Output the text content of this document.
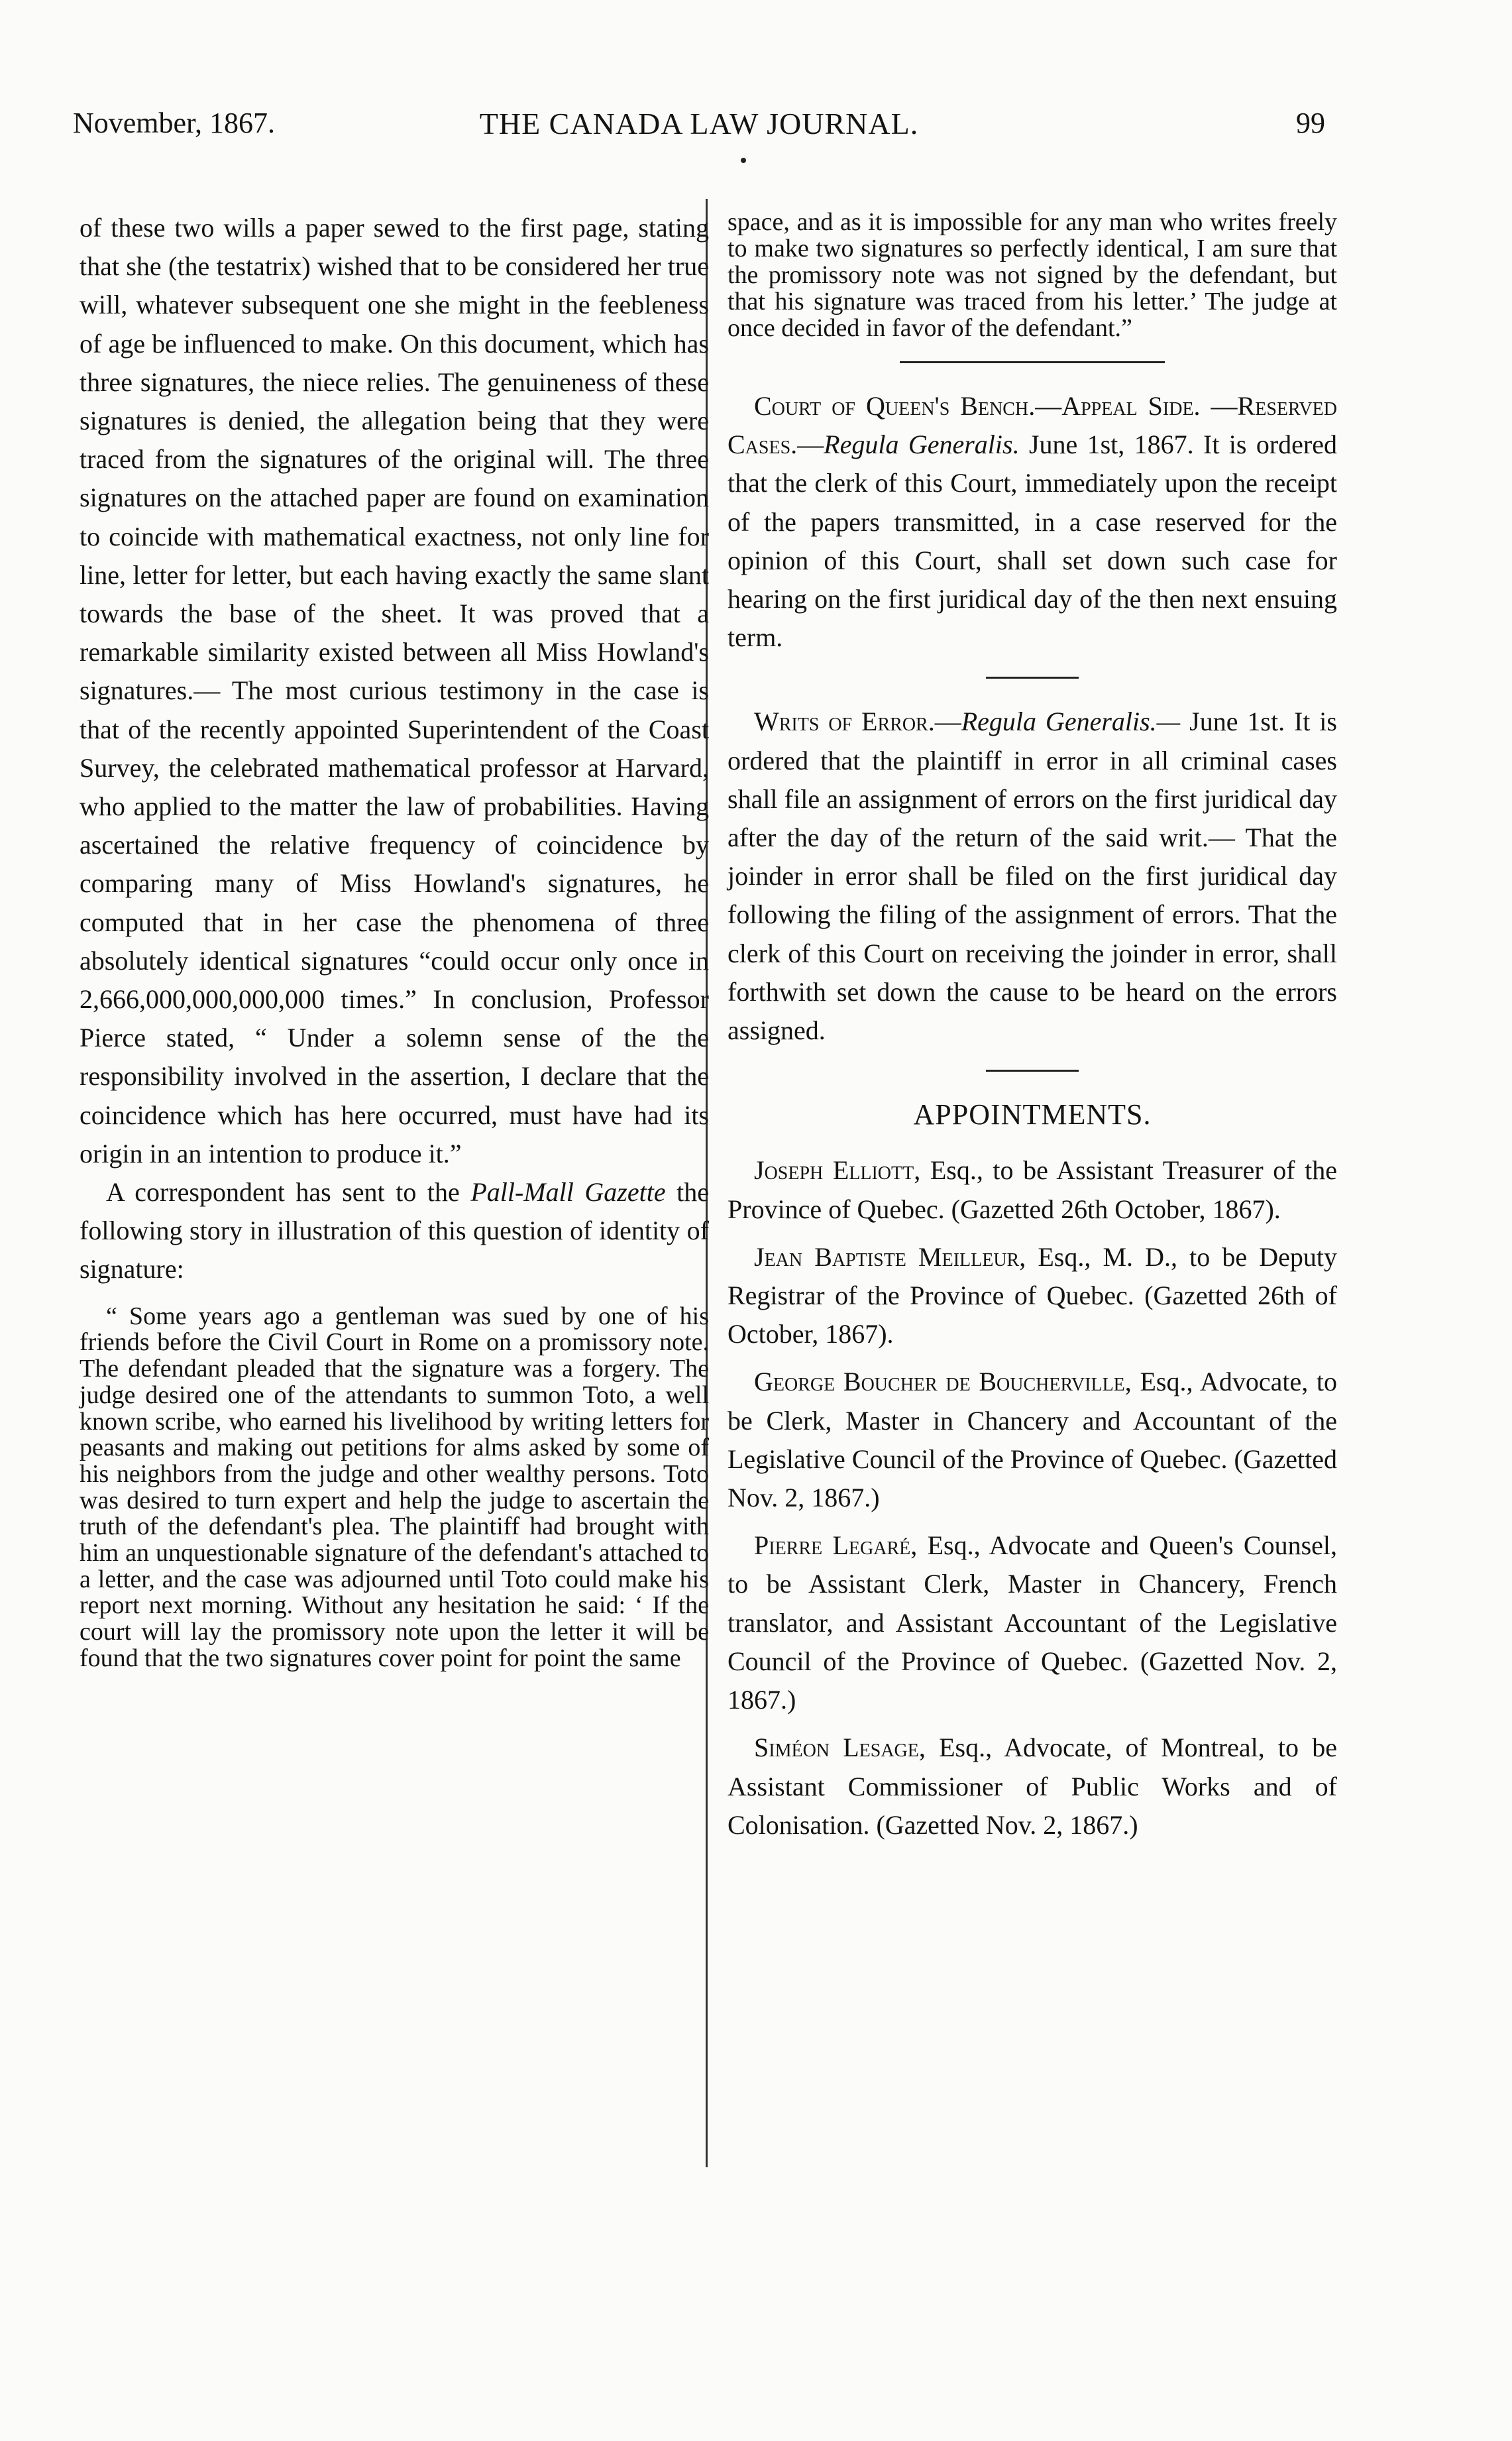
November, 1867.	THE CANADA LAW JOURNAL.	99

of these two wills a paper sewed to the first page, stating that she (the testatrix) wished that to be considered her true will, whatever subsequent one she might in the feebleness of age be influenced to make. On this document, which has three signatures, the niece relies. The genuineness of these signatures is denied, the allegation being that they were traced from the signatures of the original will. The three signatures on the attached paper are found on examination to coincide with mathematical exactness, not only line for line, letter for letter, but each having exactly the same slant towards the base of the sheet. It was proved that a remarkable similarity existed between all Miss Howland's signatures.— The most curious testimony in the case is that of the recently appointed Superintendent of the Coast Survey, the celebrated mathematical professor at Harvard, who applied to the matter the law of probabilities. Having ascertained the relative frequency of coincidence by comparing many of Miss Howland's signatures, he computed that in her case the phenomena of three absolutely identical signatures “could occur only once in 2,666,000,000,000,000 times.” In conclusion, Professor Pierce stated, “ Under a solemn sense of the the responsibility involved in the assertion, I declare that the coincidence which has here occurred, must have had its origin in an intention to produce it.”

A correspondent has sent to the Pall-Mall Gazette the following story in illustration of this question of identity of signature:

“ Some years ago a gentleman was sued by one of his friends before the Civil Court in Rome on a promissory note. The defendant pleaded that the signature was a forgery. The judge desired one of the attendants to summon Toto, a well known scribe, who earned his livelihood by writing letters for peasants and making out petitions for alms asked by some of his neighbors from the judge and other wealthy persons. Toto was desired to turn expert and help the judge to ascertain the truth of the defendant's plea. The plaintiff had brought with him an unquestionable signature of the defendant's attached to a letter, and the case was adjourned until Toto could make his report next morning. Without any hesitation he said: ‘ If the court will lay the promissory note upon the letter it will be found that the two signatures cover point for point the same

space, and as it is impossible for any man who writes freely to make two signatures so perfectly identical, I am sure that the promissory note was not signed by the defendant, but that his signature was traced from his letter.’ The judge at once decided in favor of the defendant.”

Court of Queen's Bench.—Appeal Side. —Reserved Cases.—Regula Generalis. June 1st, 1867. It is ordered that the clerk of this Court, immediately upon the receipt of the papers transmitted, in a case reserved for the opinion of this Court, shall set down such case for hearing on the first juridical day of the then next ensuing term.

Writs of Error.—Regula Generalis.— June 1st. It is ordered that the plaintiff in error in all criminal cases shall file an assignment of errors on the first juridical day after the day of the return of the said writ.— That the joinder in error shall be filed on the first juridical day following the filing of the assignment of errors. That the clerk of this Court on receiving the joinder in error, shall forthwith set down the cause to be heard on the errors assigned.

APPOINTMENTS.

Joseph Elliott, Esq., to be Assistant Treasurer of the Province of Quebec. (Gazetted 26th October, 1867).

Jean Baptiste Meilleur, Esq., M. D., to be Deputy Registrar of the Province of Quebec. (Gazetted 26th of October, 1867).

George Boucher de Boucherville, Esq., Advocate, to be Clerk, Master in Chancery and Accountant of the Legislative Council of the Province of Quebec. (Gazetted Nov. 2, 1867.)

Pierre Legaré, Esq., Advocate and Queen's Counsel, to be Assistant Clerk, Master in Chancery, French translator, and Assistant Accountant of the Legislative Council of the Province of Quebec. (Gazetted Nov. 2, 1867.)

Siméon Lesage, Esq., Advocate, of Montreal, to be Assistant Commissioner of Public Works and of Colonisation. (Gazetted Nov. 2, 1867.)
